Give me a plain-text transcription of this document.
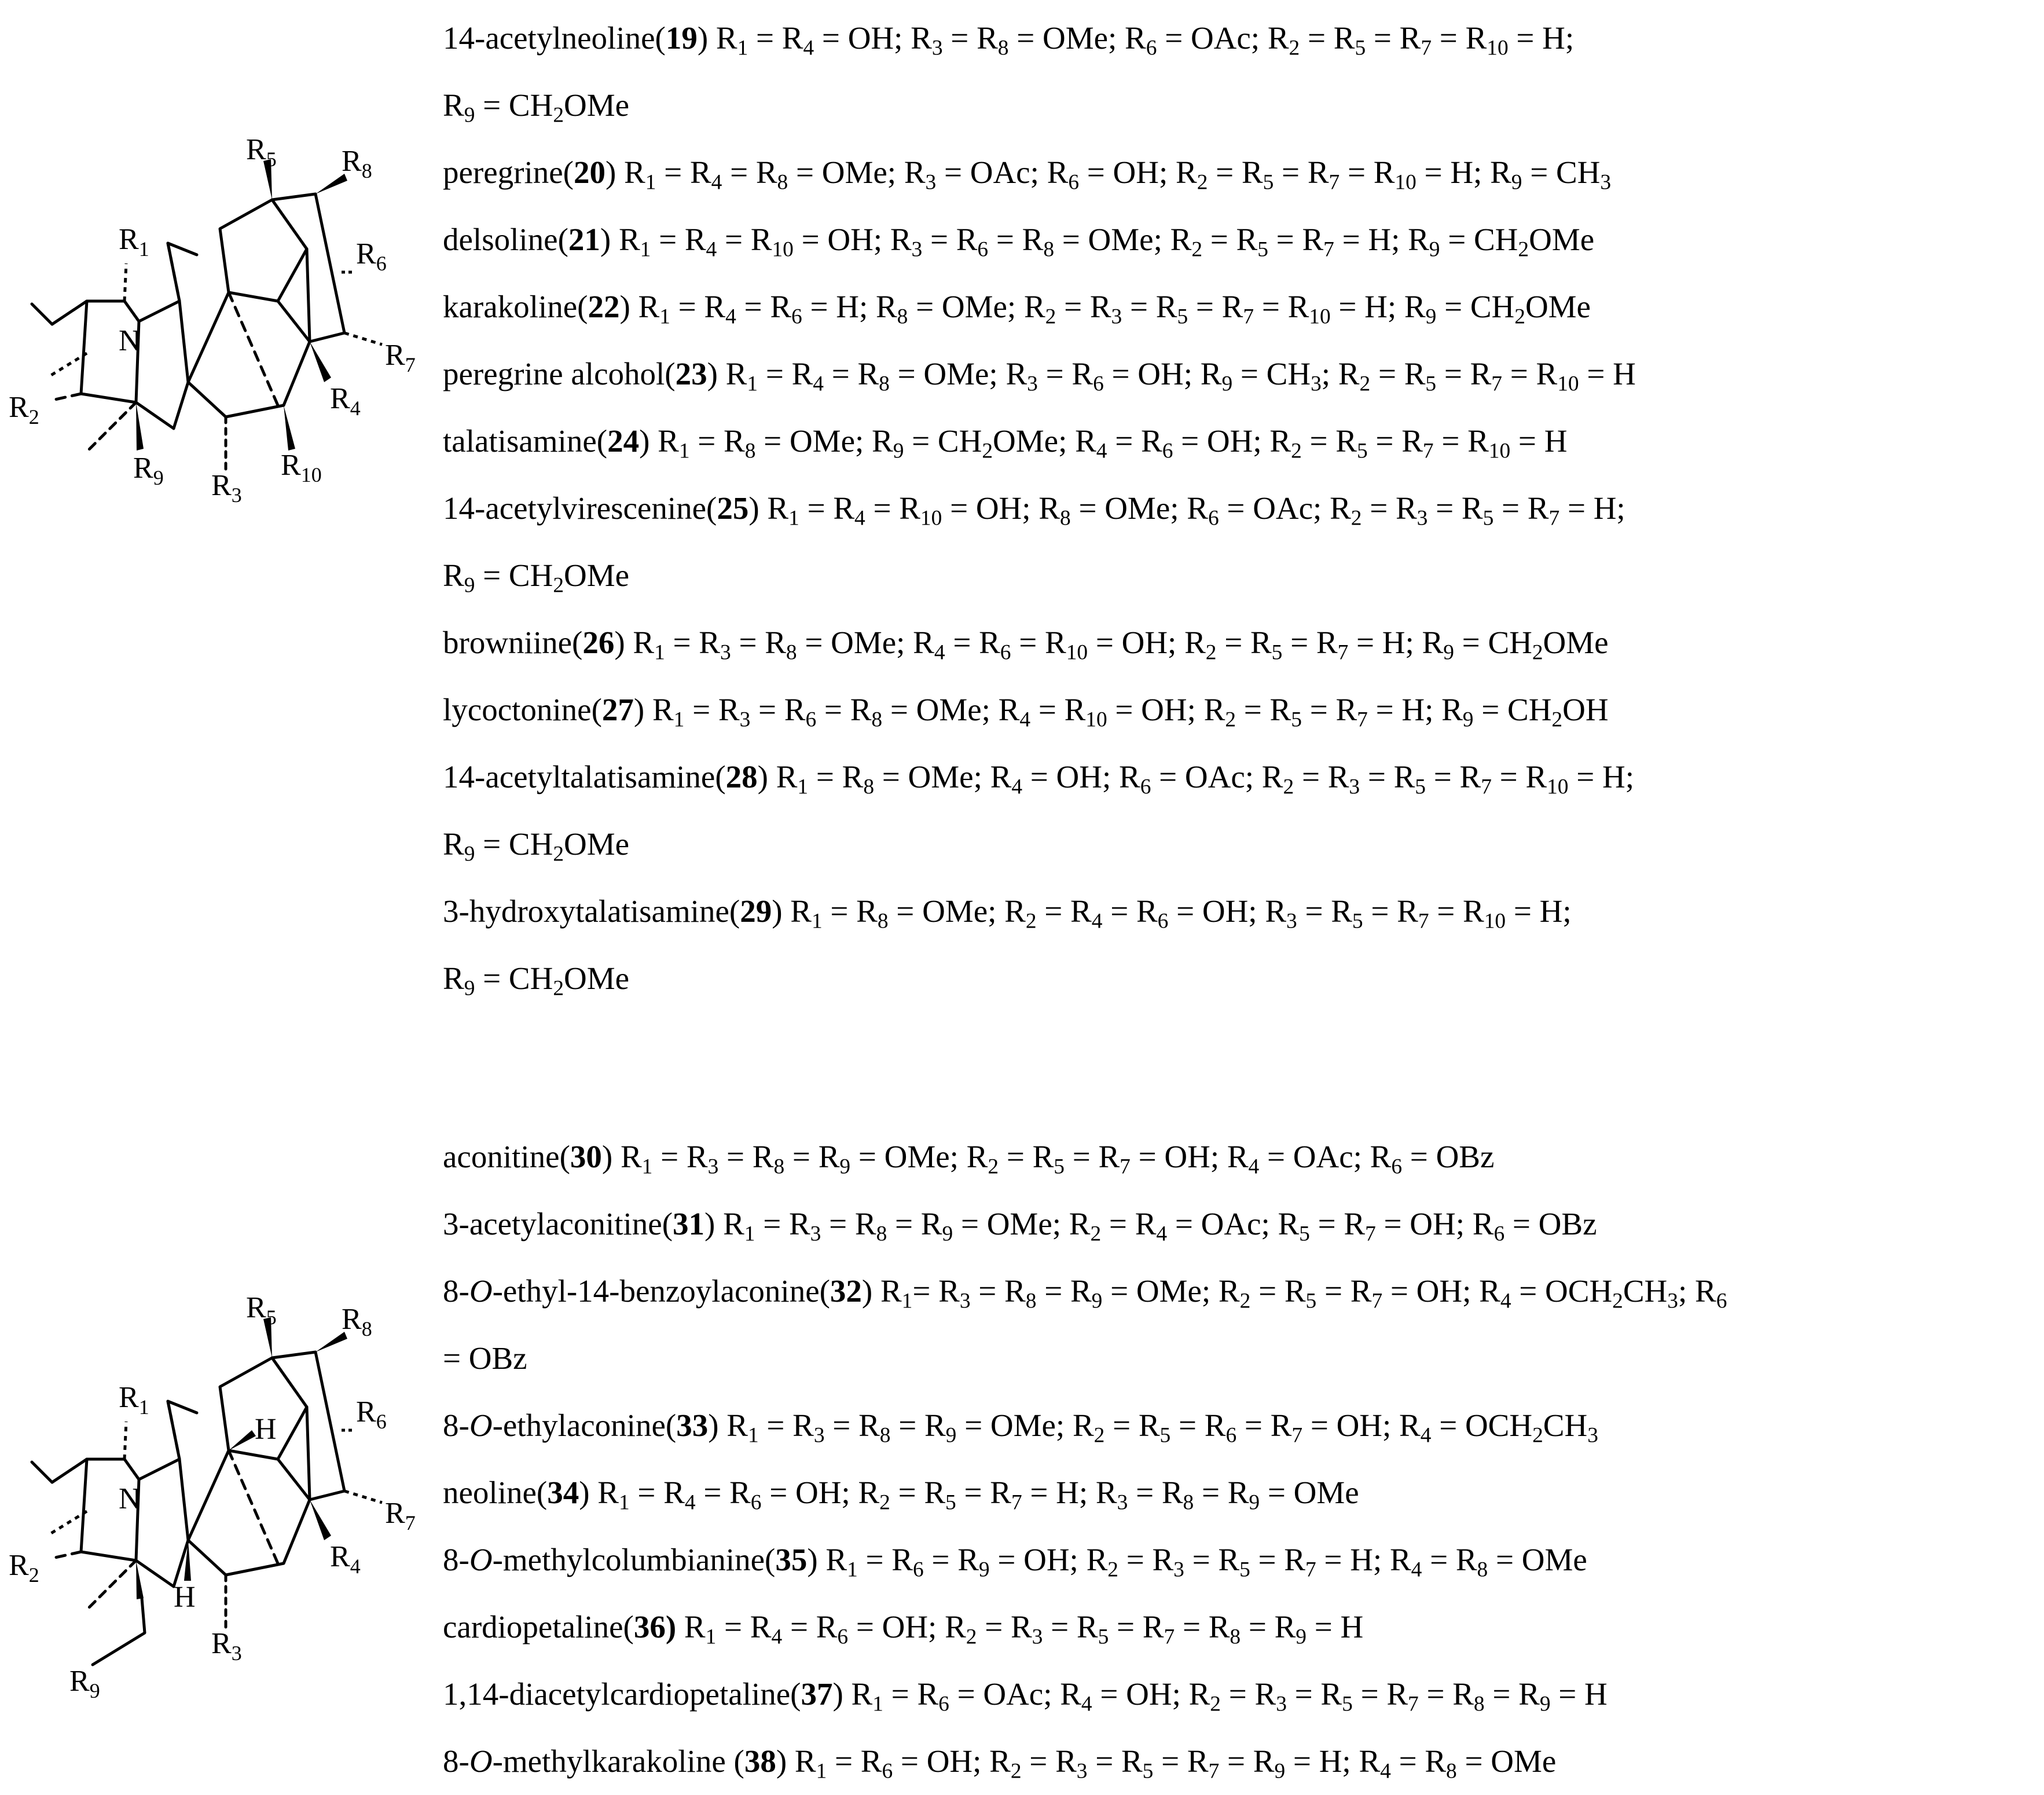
N
$R_5$ $R_8$
$R_1$	$R_6$
$R_7$
$R_4$
$R_2$
$R_9$ $R_3$
$R_{10}$
14-acetylneoline(19) $R_1 = R_4$ = OH; $R_3 = R_8$ = OMe; $R_6$ = OAc; $R_2 = R_5 = R_7 = R_{10} = H$;
$R_9 = CH_2OMe$
peregrine(20) $R_1 = R_4 = R_8$ = OMe; $R_3$ = OAc; $R_6$ = OH; $R_2 = R_5 = R_7 = R_{10} = H$; $R_9 = CH_3$
delsoline(21) $R_1 = R_4 = R_{10}$ = OH; $R_3 = R_6 = R_8$ = OMe; $R_2 = R_5 = R_7 = H$; $R_9 = CH_2OMe$
karakoline(22) $R_1 = R_4 = R_6 = H$; $R_8$ = OMe; $R_2 = R_3 = R_5 = R_7 = R_{10} = H$; $R_9 = CH_2OMe$
peregrine alcohol(23) $R_1 = R_4 = R_8$ = OMe; $R_3 = R_6$ = OH; $R_9 = CH_3$; $R_2 = R_5 = R_7 = R_{10} = H$
talatisamine(24) $R_1 = R_8$ = OMe; $R_9 = CH_2OMe$; $R_4 = R_6$ = OH; $R_2 = R_5 = R_7 = R_{10} = H$
14-acetylvirescenine(25) $R_1 = R_4 = R_{10}$ = OH; $R_8$ = OMe; $R_6$ = OAc; $R_2 = R_3 = R_5 = R_7 = H$;
$R_9 = CH_2OMe$
browniine(26) $R_1 = R_3 = R_8$ = OMe; $R_4 = R_6 = R_{10}$ = OH; $R_2 = R_5 = R_7 = H$; $R_9 = CH_2OMe$
lycoctonine(27) $R_1 = R_3 = R_6 = R_8$ = OMe; $R_4 = R_{10}$ = OH; $R_2 = R_5 = R_7 = H$; $R_9 = CH_2OH$
14-acetyltalatisamine(28) $R_1 = R_8$ = OMe; $R_4$ = OH; $R_6$ = OAc; $R_2 = R_3 = R_5 = R_7 = R_{10} = H$;
$R_9 = CH_2OMe$
3-hydroxytalatisamine(29) $R_1 = R_8$ = OMe; $R_2 = R_4 = R_6$ = OH; $R_3 = R_5 = R_7 = R_{10} = H$;
$R_9 = CH_2OMe$
N
H
H
$R_5$ $R_8$
$R_1$	$R_6$
$R_7$
$R_4$
$R_2$
$R_9$
$R_3$
aconitine(30) $R_1 = R_3 = R_8 = R_9$ = OMe; $R_2 = R_5 = R_7$ = OH; $R_4$ = OAc; $R_6$ = OBz
3-acetylaconitine(31) $R_1 = R_3 = R_8 = R_9$ = OMe; $R_2 = R_4$ = OAc; $R_5 = R_7$ = OH; $R_6$ = OBz
8-O-ethyl-14-benzoylaconine(32) $R_1= R_3 = R_8 = R_9$ = OMe; $R_2 = R_5 = R_7$ = OH; $R_4 = OCH_2CH_3$; $R_6$
= OBz
8-O-ethylaconine(33) $R_1 = R_3 = R_8 = R_9$ = OMe; $R_2 = R_5 = R_6 = R_7$ = OH; $R_4 = OCH_2CH_3$
neoline(34) $R_1 = R_4 = R_6$ = OH; $R_2 = R_5 = R_7 = H$; $R_3 = R_8 = R_9$ = OMe
8-O-methylcolumbianine(35) $R_1 = R_6 = R_9$ = OH; $R_2 = R_3 = R_5 = R_7 = H$; $R_4 = R_8$ = OMe
cardiopetaline(36) $R_1 = R_4 = R_6$ = OH; $R_2 = R_3 = R_5 = R_7 = R_8 = R_9 = H$
1,14-diacetylcardiopetaline(37) $R_1 = R_6$ = OAc; $R_4$ = OH; $R_2 = R_3 = R_5 = R_7 = R_8 = R_9 = H$
8-O-methylkarakoline (38) $R_1 = R_6$ = OH; $R_2 = R_3 = R_5 = R_7 = R_9 = H$; $R_4 = R_8$ = OMe
